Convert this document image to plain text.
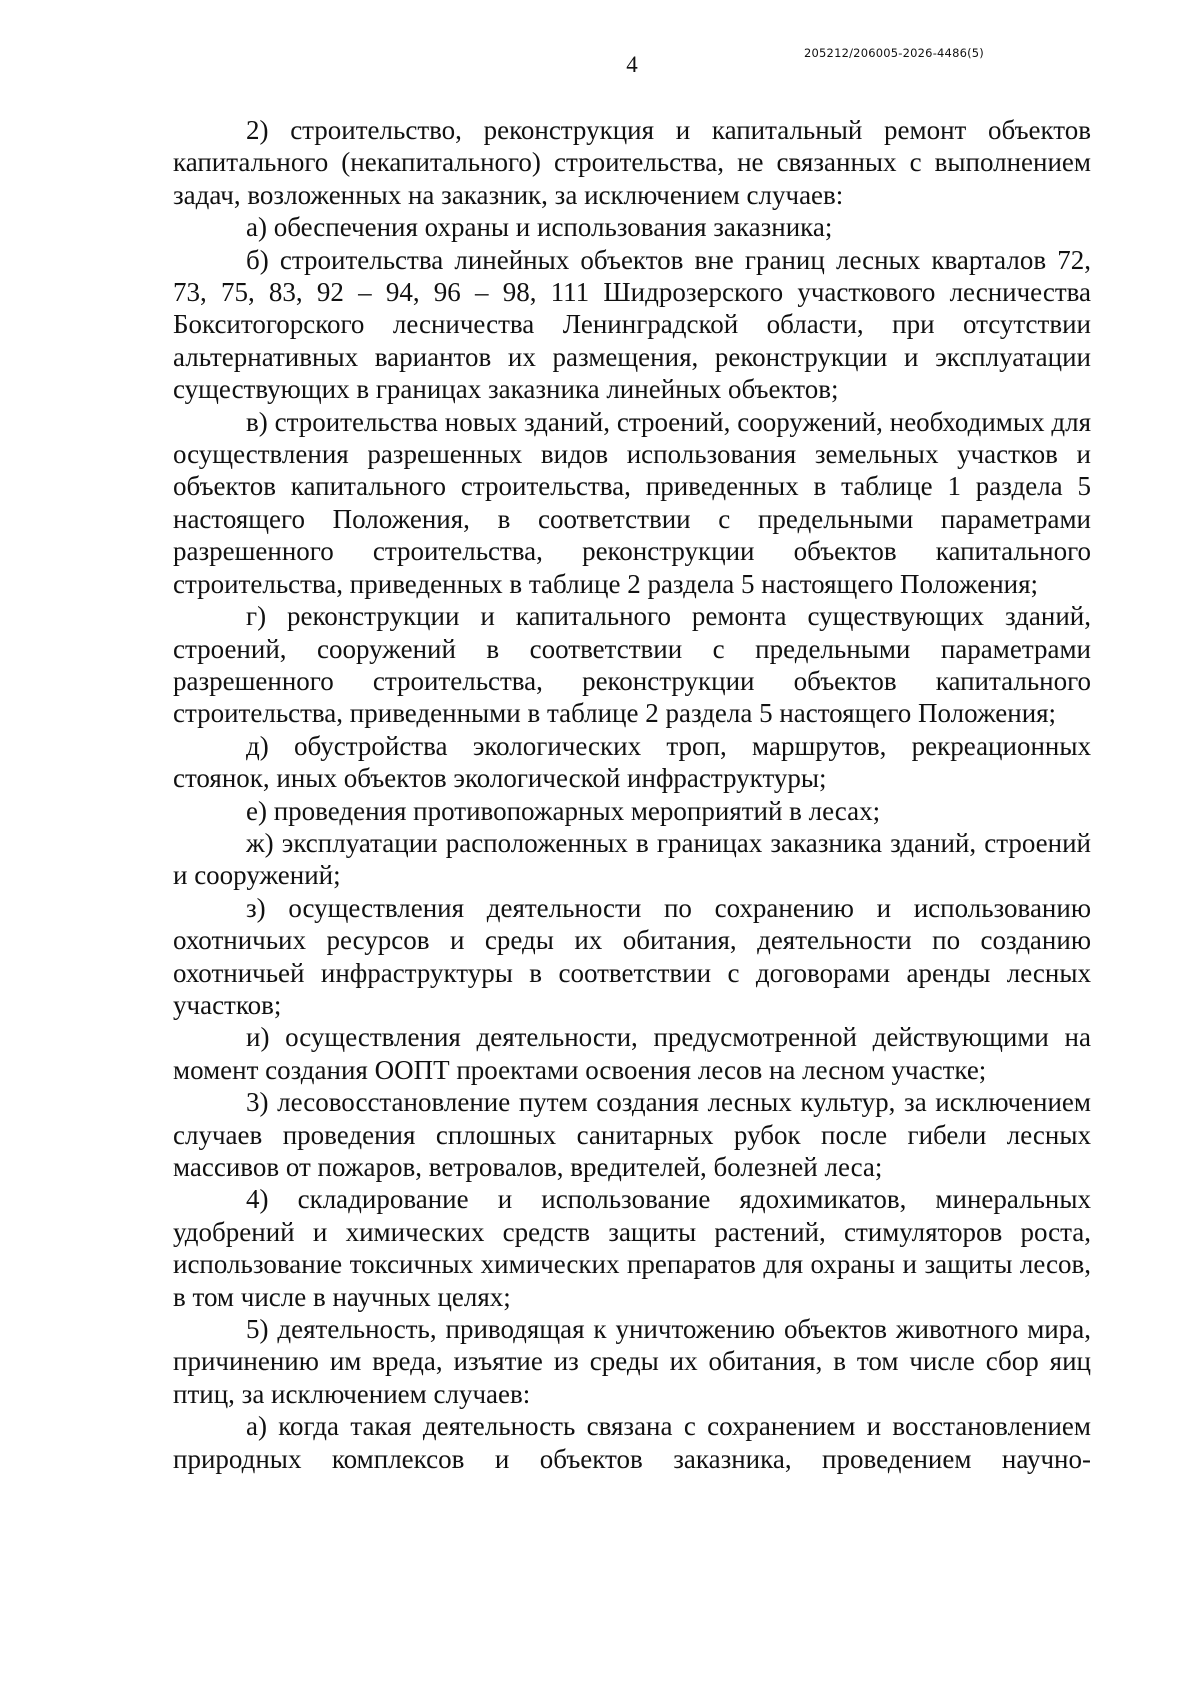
4	205212/206005-2026-4486(5)

2) строительство, реконструкция и капитальный ремонт объектов капитального (некапитального) строительства, не связанных с выполнением задач, возложенных на заказник, за исключением случаев:

а) обеспечения охраны и использования заказника;

б) строительства линейных объектов вне границ лесных кварталов 72, 73, 75, 83, 92 – 94, 96 – 98, 111 Шидрозерского участкового лесничества Бокситогорского лесничества Ленинградской области, при отсутствии альтернативных вариантов их размещения, реконструкции и эксплуатации существующих в границах заказника линейных объектов;

в) строительства новых зданий, строений, сооружений, необходимых для осуществления разрешенных видов использования земельных участков и объектов капитального строительства, приведенных в таблице 1 раздела 5 настоящего Положения, в соответствии с предельными параметрами разрешенного строительства, реконструкции объектов капитального строительства, приведенных в таблице 2 раздела 5 настоящего Положения;

г) реконструкции и капитального ремонта существующих зданий, строений, сооружений в соответствии с предельными параметрами разрешенного строительства, реконструкции объектов капитального строительства, приведенными в таблице 2 раздела 5 настоящего Положения;

д) обустройства экологических троп, маршрутов, рекреационных стоянок, иных объектов экологической инфраструктуры;

е) проведения противопожарных мероприятий в лесах;

ж) эксплуатации расположенных в границах заказника зданий, строений и сооружений;

з) осуществления деятельности по сохранению и использованию охотничьих ресурсов и среды их обитания, деятельности по созданию охотничьей инфраструктуры в соответствии с договорами аренды лесных участков;

и) осуществления деятельности, предусмотренной действующими на момент создания ООПТ проектами освоения лесов на лесном участке;

3) лесовосстановление путем создания лесных культур, за исключением случаев проведения сплошных санитарных рубок после гибели лесных массивов от пожаров, ветровалов, вредителей, болезней леса;

4) складирование и использование ядохимикатов, минеральных удобрений и химических средств защиты растений, стимуляторов роста, использование токсичных химических препаратов для охраны и защиты лесов, в том числе в научных целях;

5) деятельность, приводящая к уничтожению объектов животного мира, причинению им вреда, изъятие из среды их обитания, в том числе сбор яиц птиц, за исключением случаев:

а) когда такая деятельность связана с сохранением и восстановлением природных комплексов и объектов заказника, проведением научно-
